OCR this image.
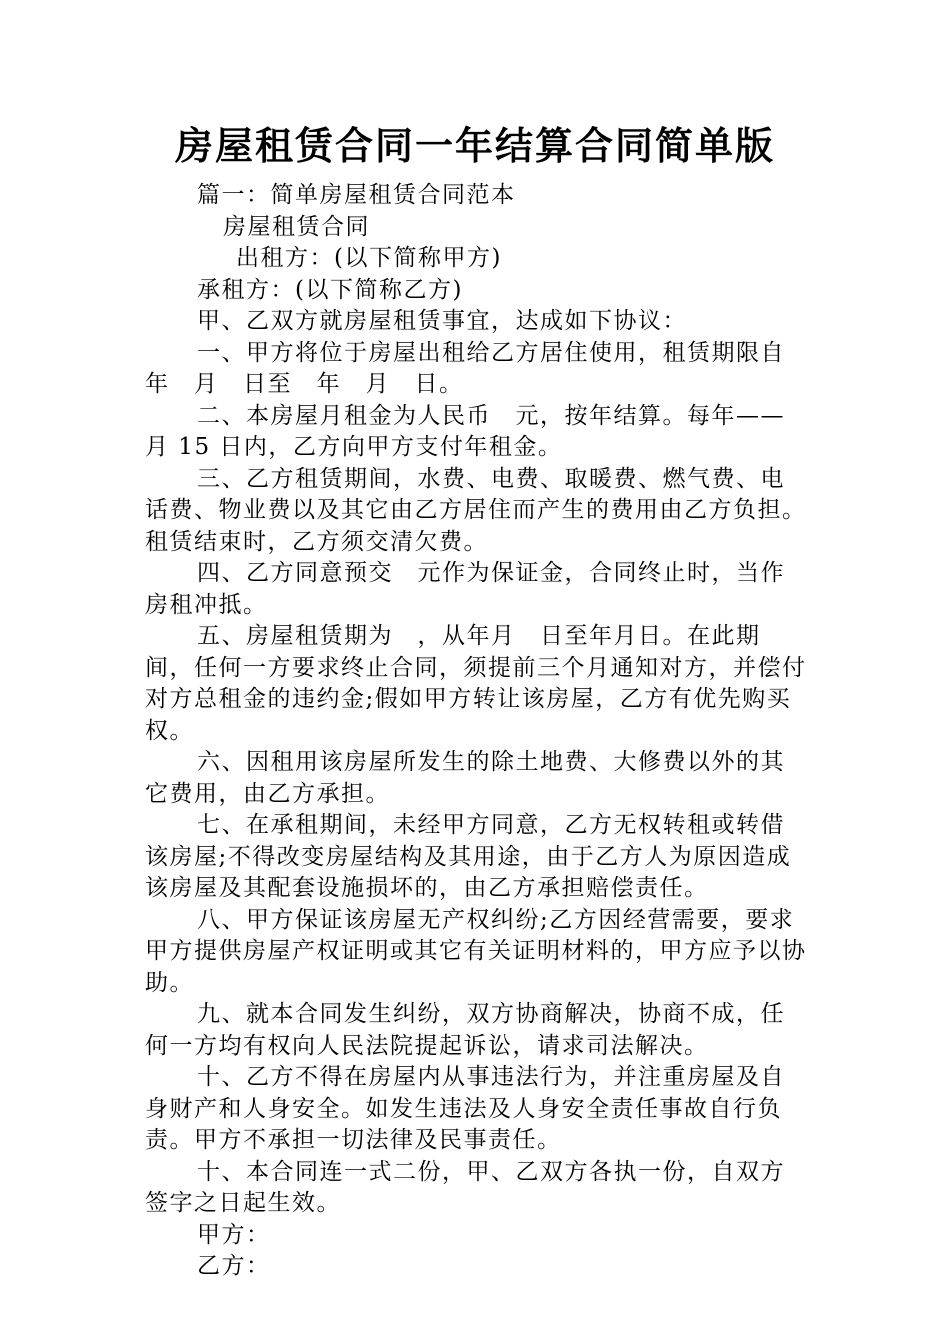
房屋租赁合同一年结算合同简单版

篇一：简单房屋租赁合同范本

房屋租赁合同

出租方：(以下简称甲方)

承租方：(以下简称乙方)

甲、乙双方就房屋租赁事宜，达成如下协议：

一、甲方将位于房屋出租给乙方居住使用，租赁期限自　年　月　日至　年　月　日。

二、本房屋月租金为人民币　元，按年结算。每年——月 15 日内，乙方向甲方支付年租金。

三、乙方租赁期间，水费、电费、取暖费、燃气费、电话费、物业费以及其它由乙方居住而产生的费用由乙方负担。租赁结束时，乙方须交清欠费。

四、乙方同意预交　元作为保证金，合同终止时，当作房租冲抵。

五、房屋租赁期为　，从年月　日至年月日。在此期间，任何一方要求终止合同，须提前三个月通知对方，并偿付对方总租金的违约金;假如甲方转让该房屋，乙方有优先购买权。

六、因租用该房屋所发生的除土地费、大修费以外的其它费用，由乙方承担。

七、在承租期间，未经甲方同意，乙方无权转租或转借该房屋;不得改变房屋结构及其用途，由于乙方人为原因造成该房屋及其配套设施损坏的，由乙方承担赔偿责任。

八、甲方保证该房屋无产权纠纷;乙方因经营需要，要求甲方提供房屋产权证明或其它有关证明材料的，甲方应予以协助。

九、就本合同发生纠纷，双方协商解决，协商不成，任何一方均有权向人民法院提起诉讼，请求司法解决。

十、乙方不得在房屋内从事违法行为，并注重房屋及自身财产和人身安全。如发生违法及人身安全责任事故自行负责。甲方不承担一切法律及民事责任。

十、本合同连一式二份，甲、乙双方各执一份，自双方签字之日起生效。

甲方：

乙方：
